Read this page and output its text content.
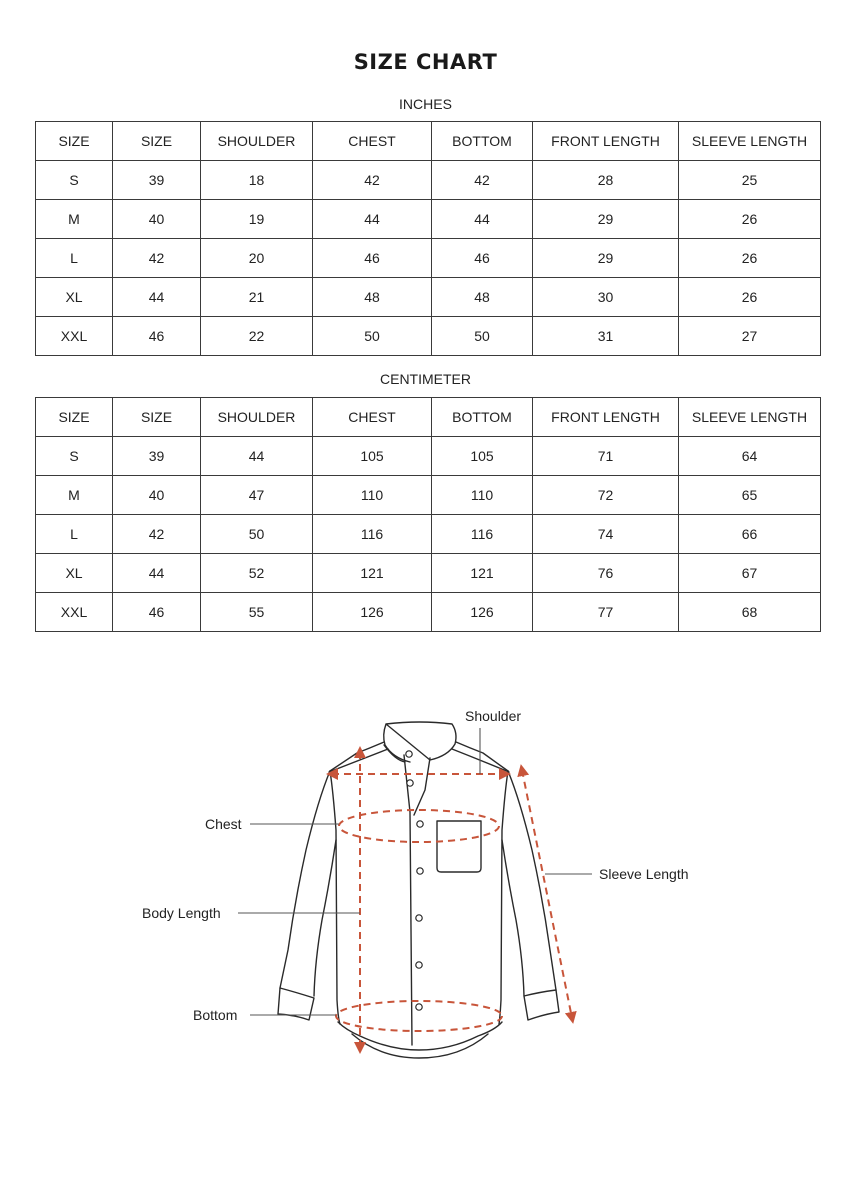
SIZE CHART
INCHES
SIZE	SIZE	SHOULDER	CHEST	BOTTOM	FRONT LENGTH	SLEEVE LENGTH
S	39	18	42	42	28	25
M	40	19	44	44	29	26
L	42	20	46	46	29	26
XL	44	21	48	48	30	26
XXL	46	22	50	50	31	27
CENTIMETER
SIZE	SIZE	SHOULDER	CHEST	BOTTOM	FRONT LENGTH	SLEEVE LENGTH
S	39	44	105	105	71	64
M	40	47	110	110	72	65
L	42	50	116	116	74	66
XL	44	52	121	121	76	67
XXL	46	55	126	126	77	68
Shoulder
Chest
Body Length
Bottom
Sleeve Length
